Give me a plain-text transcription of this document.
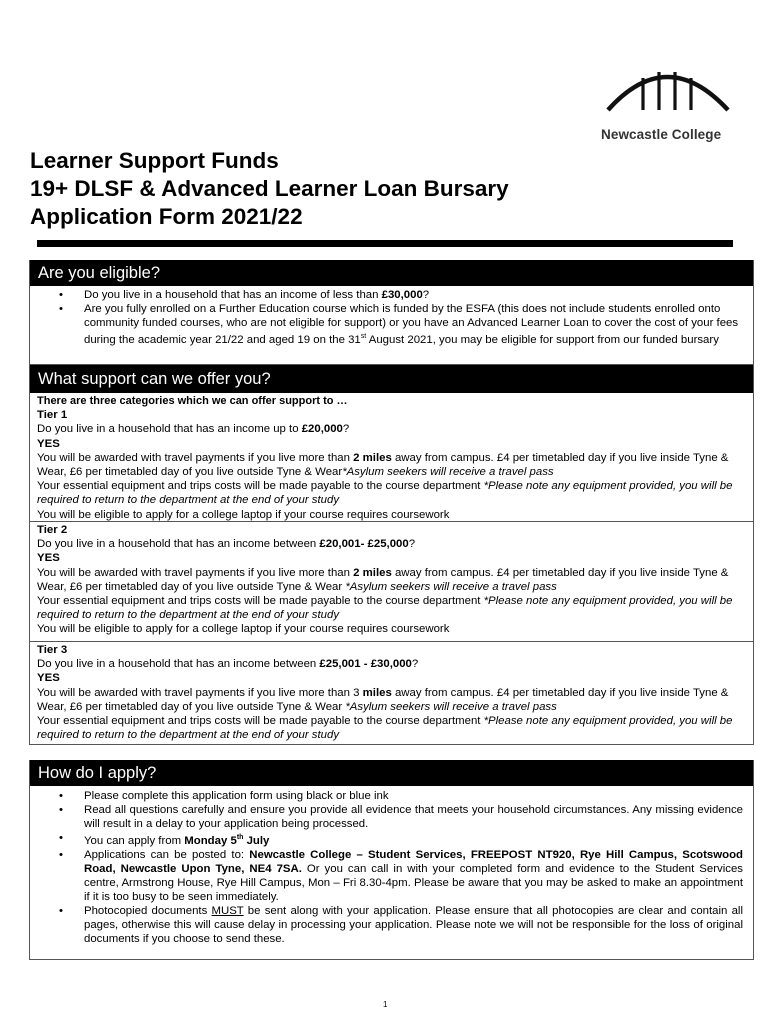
Newcastle College
Learner Support Funds
19+ DLSF & Advanced Learner Loan Bursary
Application Form 2021/22
Are you eligible?
• Do you live in a household that has an income of less than £30,000?
• Are you fully enrolled on a Further Education course which is funded by the ESFA (this does not include students enrolled onto community funded courses, who are not eligible for support) or you have an Advanced Learner Loan to cover the cost of your fees during the academic year 21/22 and aged 19 on the 31st August 2021, you may be eligible for support from our funded bursary
What support can we offer you?
There are three categories which we can offer support to …
Tier 1
Do you live in a household that has an income up to £20,000?
YES
You will be awarded with travel payments if you live more than 2 miles away from campus. £4 per timetabled day if you live inside Tyne & Wear, £6 per timetabled day of you live outside Tyne & Wear*Asylum seekers will receive a travel pass
Your essential equipment and trips costs will be made payable to the course department *Please note any equipment provided, you will be required to return to the department at the end of your study
You will be eligible to apply for a college laptop if your course requires coursework
Tier 2
Do you live in a household that has an income between £20,001- £25,000?
YES
You will be awarded with travel payments if you live more than 2 miles away from campus. £4 per timetabled day if you live inside Tyne & Wear, £6 per timetabled day of you live outside Tyne & Wear *Asylum seekers will receive a travel pass
Your essential equipment and trips costs will be made payable to the course department *Please note any equipment provided, you will be required to return to the department at the end of your study
You will be eligible to apply for a college laptop if your course requires coursework
Tier 3
Do you live in a household that has an income between £25,001 - £30,000?
YES
You will be awarded with travel payments if you live more than 3 miles away from campus. £4 per timetabled day if you live inside Tyne & Wear, £6 per timetabled day of you live outside Tyne & Wear *Asylum seekers will receive a travel pass
Your essential equipment and trips costs will be made payable to the course department *Please note any equipment provided, you will be required to return to the department at the end of your study
How do I apply?
• Please complete this application form using black or blue ink
• Read all questions carefully and ensure you provide all evidence that meets your household circumstances. Any missing evidence will result in a delay to your application being processed.
• You can apply from Monday 5th July
• Applications can be posted to: Newcastle College – Student Services, FREEPOST NT920, Rye Hill Campus, Scotswood Road, Newcastle Upon Tyne, NE4 7SA. Or you can call in with your completed form and evidence to the Student Services centre, Armstrong House, Rye Hill Campus, Mon – Fri 8.30-4pm. Please be aware that you may be asked to make an appointment if it is too busy to be seen immediately.
• Photocopied documents MUST be sent along with your application. Please ensure that all photocopies are clear and contain all pages, otherwise this will cause delay in processing your application. Please note we will not be responsible for the loss of original documents if you choose to send these.
1
